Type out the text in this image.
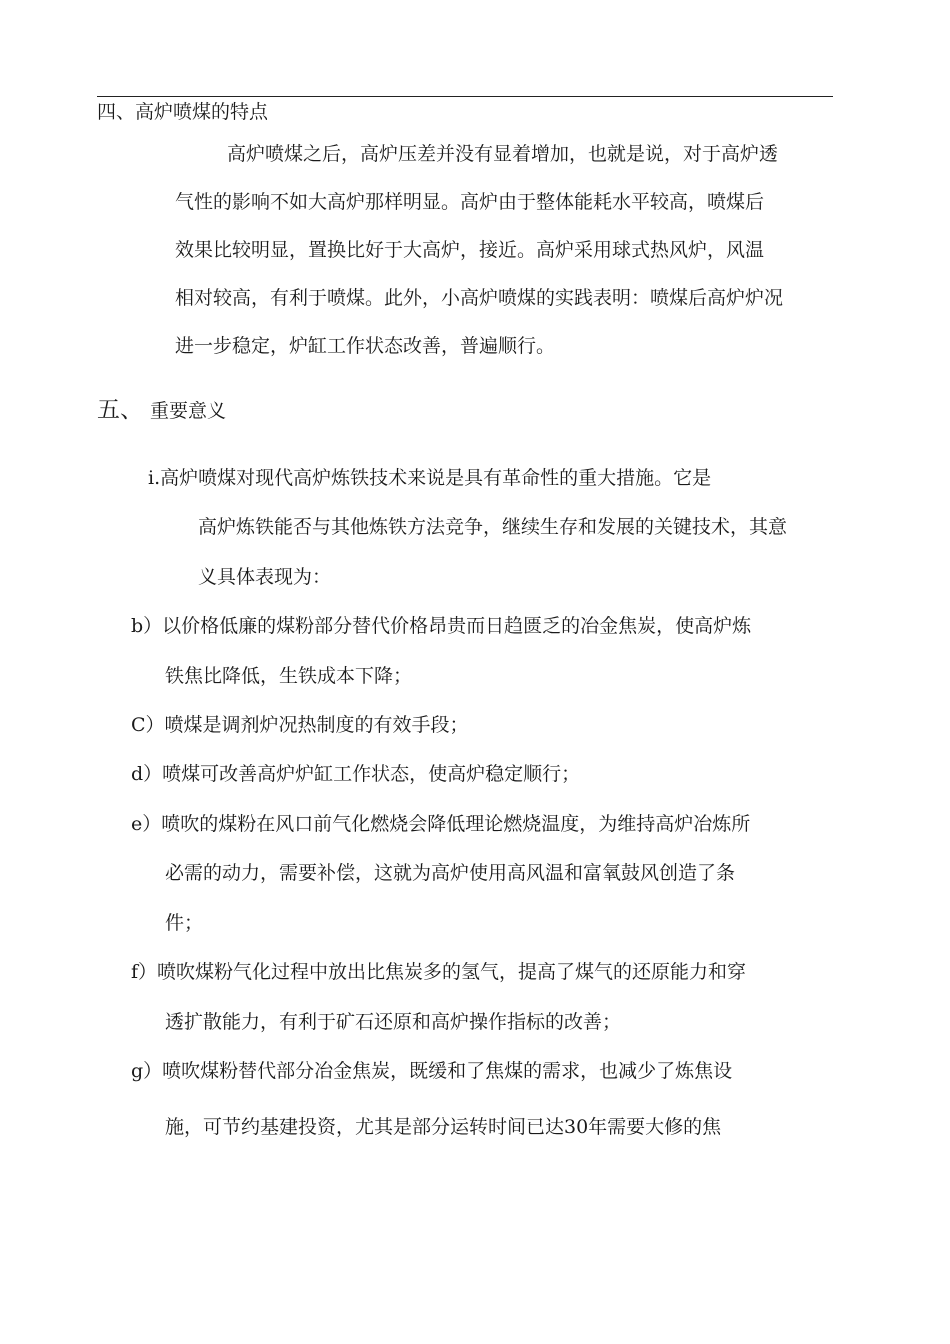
四、高炉喷煤的特点
高炉喷煤之后，高炉压差并没有显着增加，也就是说，对于高炉透
气性的影响不如大高炉那样明显。高炉由于整体能耗水平较高，喷煤后
效果比较明显，置换比好于大高炉，接近。高炉采用球式热风炉，风温
相对较高，有利于喷煤。此外，小高炉喷煤的实践表明：喷煤后高炉炉况
进一步稳定，炉缸工作状态改善，普遍顺行。
五、 重要意义
i.高炉喷煤对现代高炉炼铁技术来说是具有革命性的重大措施。它是
高炉炼铁能否与其他炼铁方法竞争，继续生存和发展的关键技术，其意
义具体表现为：
b）以价格低廉的煤粉部分替代价格昂贵而日趋匮乏的冶金焦炭，使高炉炼
铁焦比降低，生铁成本下降；
C）喷煤是调剂炉况热制度的有效手段；
d）喷煤可改善高炉炉缸工作状态，使高炉稳定顺行；
e）喷吹的煤粉在风口前气化燃烧会降低理论燃烧温度，为维持高炉冶炼所
必需的动力，需要补偿，这就为高炉使用高风温和富氧鼓风创造了条
件；
f）喷吹煤粉气化过程中放出比焦炭多的氢气，提高了煤气的还原能力和穿
透扩散能力，有利于矿石还原和高炉操作指标的改善；
g）喷吹煤粉替代部分冶金焦炭，既缓和了焦煤的需求，也减少了炼焦设
施，可节约基建投资，尤其是部分运转时间已达30年需要大修的焦
